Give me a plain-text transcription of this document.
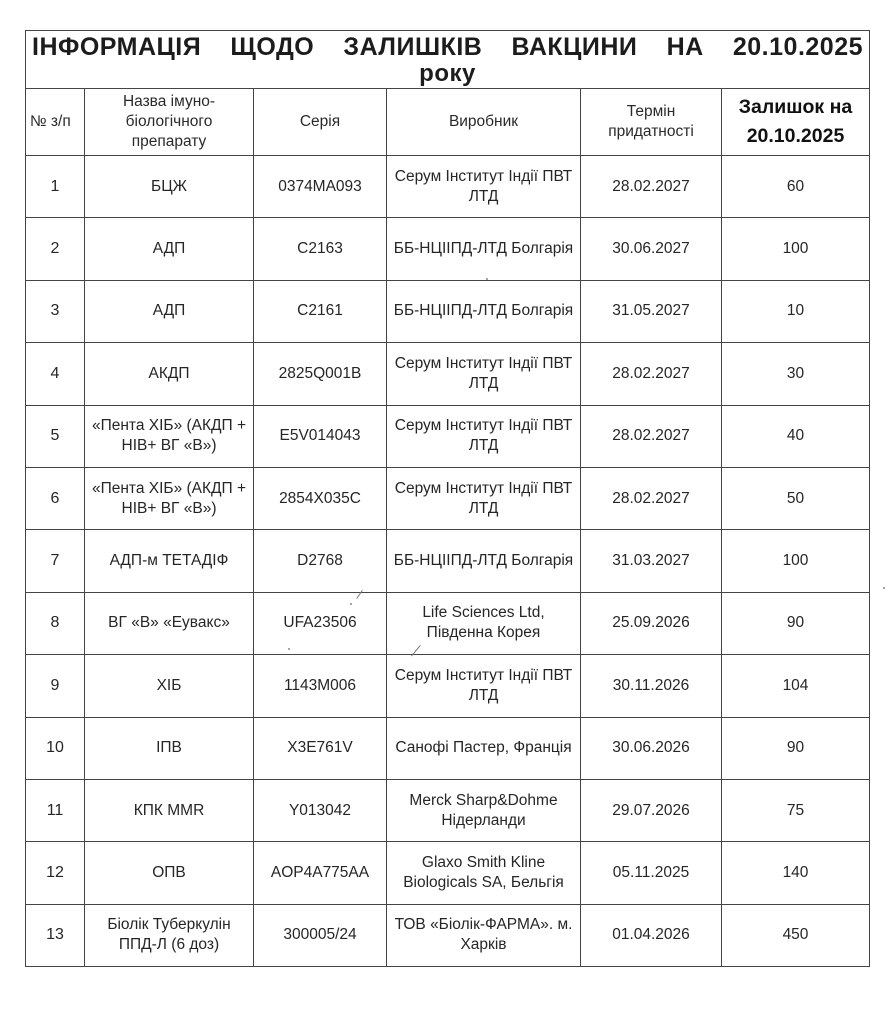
ІНФОРМАЦІЯ ЩОДО ЗАЛИШКІВ ВАКЦИНИ НА 20.10.2025
року					

№ з/п	Назва імуно-біологічного препарату	Серія	Виробник	Термін придатності	Залишок на 20.10.2025
1	БЦЖ	0374MA093	Серум Інститут Індії ПВТ ЛТД	28.02.2027	60
2	АДП	C2163	ББ-НЦІІПД-ЛТД Болгарія	30.06.2027	100
3	АДП	C2161	ББ-НЦІІПД-ЛТД Болгарія	31.05.2027	10
4	АКДП	2825Q001B	Серум Інститут Індії ПВТ ЛТД	28.02.2027	30
5	«Пента ХІБ» (АКДП + НІВ+ ВГ «В»)	E5V014043	Серум Інститут Індії ПВТ ЛТД	28.02.2027	40
6	«Пента ХІБ» (АКДП + НІВ+ ВГ «В»)	2854X035C	Серум Інститут Індії ПВТ ЛТД	28.02.2027	50
7	АДП-м ТЕТАДІФ	D2768	ББ-НЦІІПД-ЛТД Болгарія	31.03.2027	100
8	ВГ «В» «Еувакс»	UFA23506	Life Sciences Ltd, Південна Корея	25.09.2026	90
9	ХІБ	1143M006	Серум Інститут Індії ПВТ ЛТД	30.11.2026	104
10	ІПВ	X3E761V	Санофі Пастер, Франція	30.06.2026	90
11	КПК MMR	Y013042	Merck Sharp&Dohme Нідерланди	29.07.2026	75
12	ОПВ	AOP4A775AA	Glaxo Smith Kline Biologicals SA, Бельгія	05.11.2025	140
13	Біолік Туберкулін ППД-Л (6 доз)	300005/24	ТОВ «Біолік-ФАРМА». м. Харків	01.04.2026	450
